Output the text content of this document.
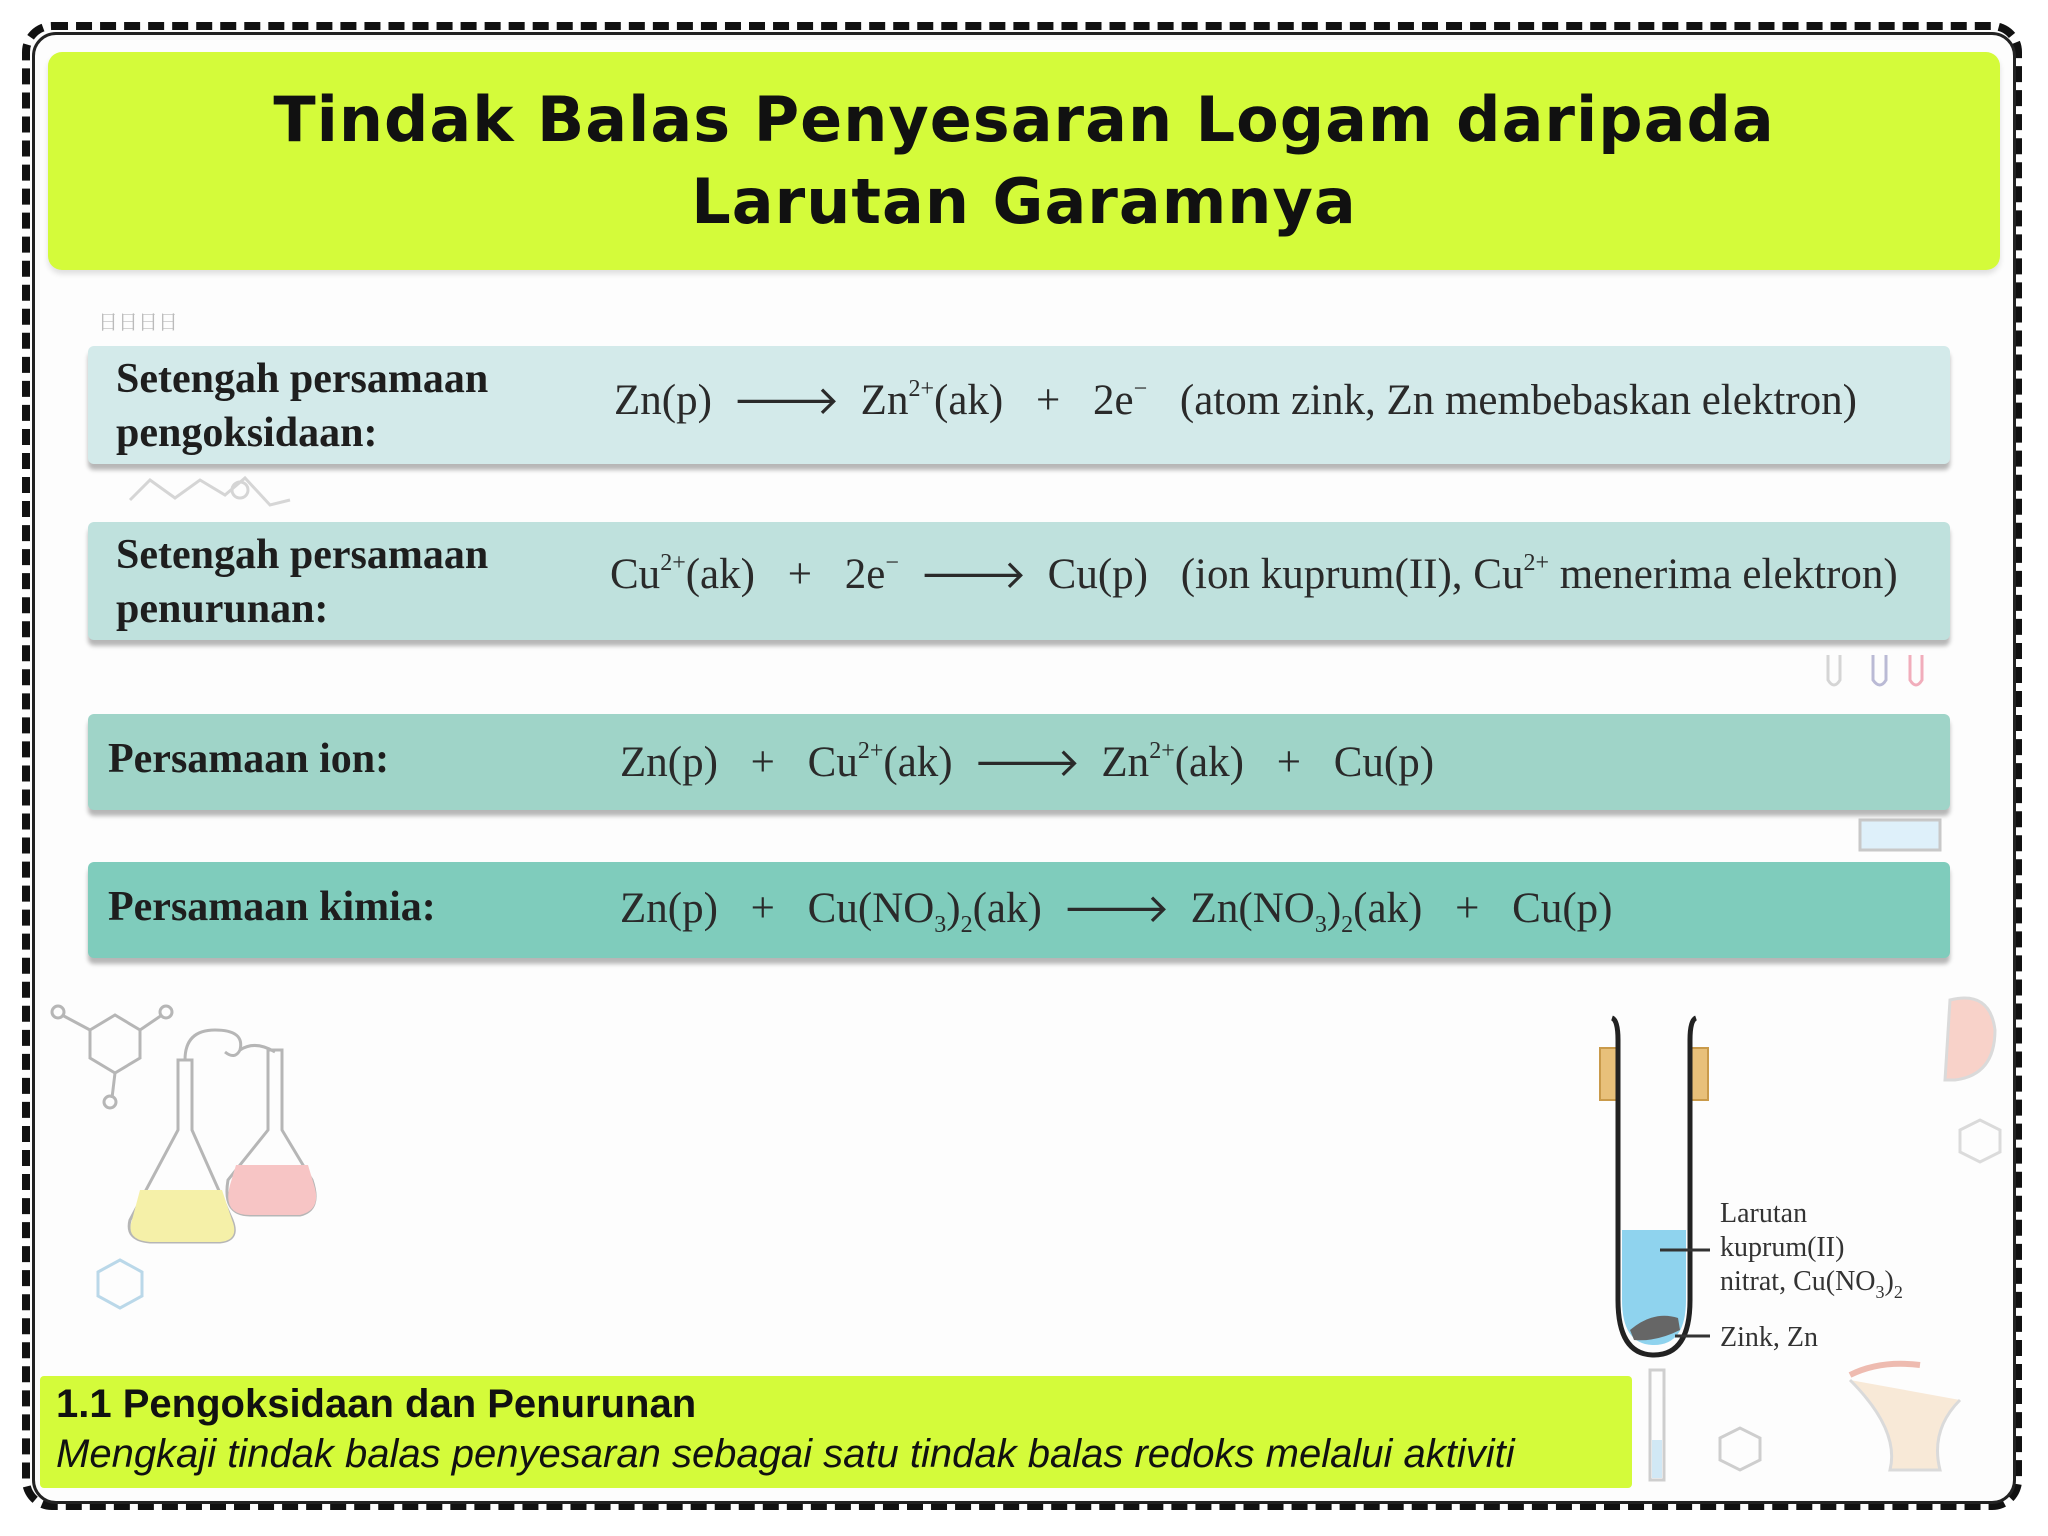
Tindak Balas Penyesaran Logam daripada Larutan Garamnya
日日日日
Setengah persamaan
pengoksidaan:
Zn(p) 🡒 $Zn^{2+}(ak) + 2e^-$ (atom zink, Zn membebaskan elektron)
Setengah persamaan
penurunan:
$Cu^{2+}(ak) + 2e^-$ 🡒 Cu(p) (ion kuprum(II), $Cu^{2+}$ menerima elektron)
Persamaan ion:	$Zn(p) + Cu^{2+}(ak)$ 🡒 $Zn^{2+}(ak) + Cu(p)$
Persamaan kimia:	$Zn(p) + Cu(NO_3)_2(ak)$ 🡒 $Zn(NO_3)_2(ak) + Cu(p)$
Larutan
kuprum(II)
nitrat, $Cu(NO_3)_2$
Zink, Zn
1.1 Pengoksidaan dan Penurunan
Mengkaji tindak balas penyesaran sebagai satu tindak balas redoks melalui aktiviti
